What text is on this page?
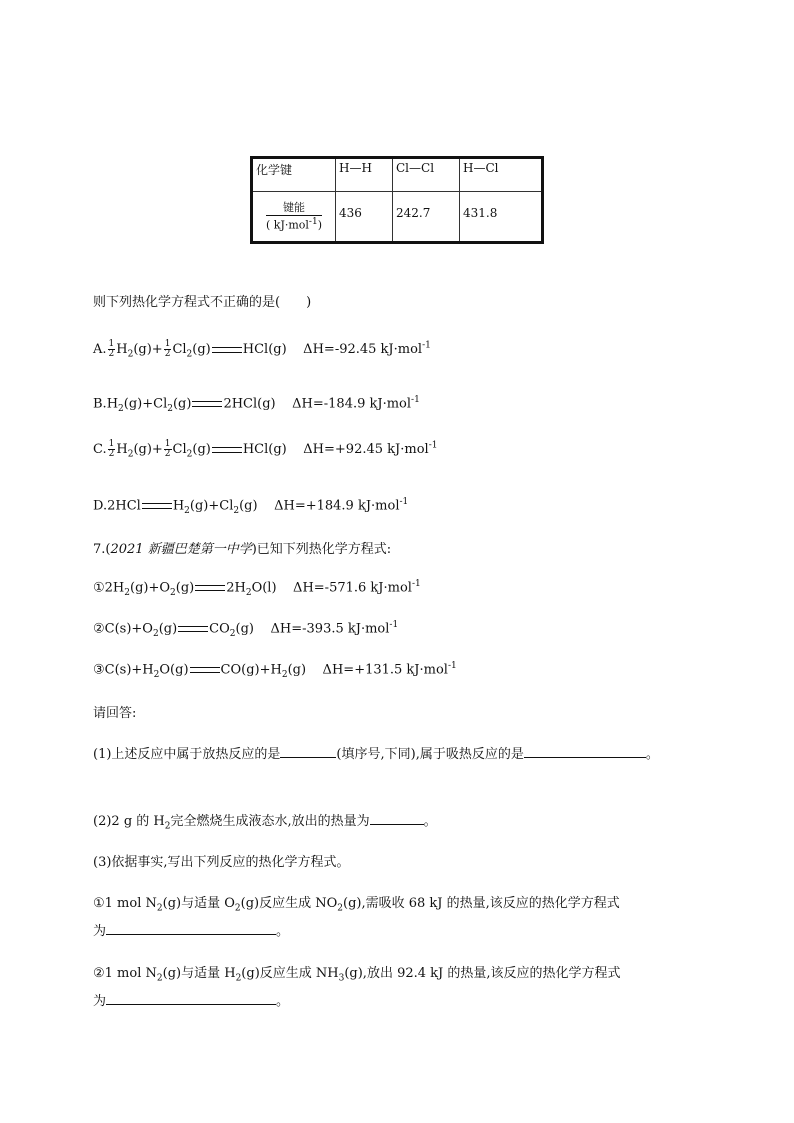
化学键	H—H	Cl—Cl	H—Cl

$\frac{\text{键能}}{( kJ\cdot mol^{-1})}$	436	242.7	431.8
则下列热化学方程式不正确的是(　　)
A. $\frac{1}{2} H_2(g)+ \frac{1}{2} Cl_2(g)$ HCl(g)    ΔH=-92.45 kJ·mol$^{-1}$
$B.H_2(g)+Cl_2(g)$ 2HCl(g)    ΔH=-184.9 kJ·mol$^{-1}$
C. $\frac{1}{2} H_2(g)+ \frac{1}{2} Cl_2(g)$ HCl(g)    ΔH=+92.45 kJ·mol$^{-1}$
D.2HCl $H_2(g)+Cl_2(g)$    ΔH=+184.9 kJ·mol$^{-1}$
7.(2021 新疆巴楚第一中学)已知下列热化学方程式:
$①2H_2(g)+O_2(g)$ $2H_2O(l)$    ΔH=-571.6 kJ·mol$^{-1}$
$②C(s)+O_2(g)$ $CO_2(g)$    ΔH=-393.5 kJ·mol$^{-1}$
$③C(s)+H_2O(g)$ $CO(g)+H_2(g)$    ΔH=+131.5 kJ·mol$^{-1}$
请回答:
(1)上述反应中属于放热反应的是	(填序号,下同),属于吸热反应的是	。
(2)2 g 的 $H_2$完全燃烧生成液态水,放出的热量为	。
(3)依据事实,写出下列反应的热化学方程式。
①1 mol $N_2(g)$与适量 $O_2(g)$反应生成 $NO_2(g)$,需吸收 68 kJ 的热量,该反应的热化学方程式
为	。
②1 mol $N_2(g)$与适量 $H_2(g)$反应生成 $NH_3(g)$,放出 92.4 kJ 的热量,该反应的热化学方程式
为	。
